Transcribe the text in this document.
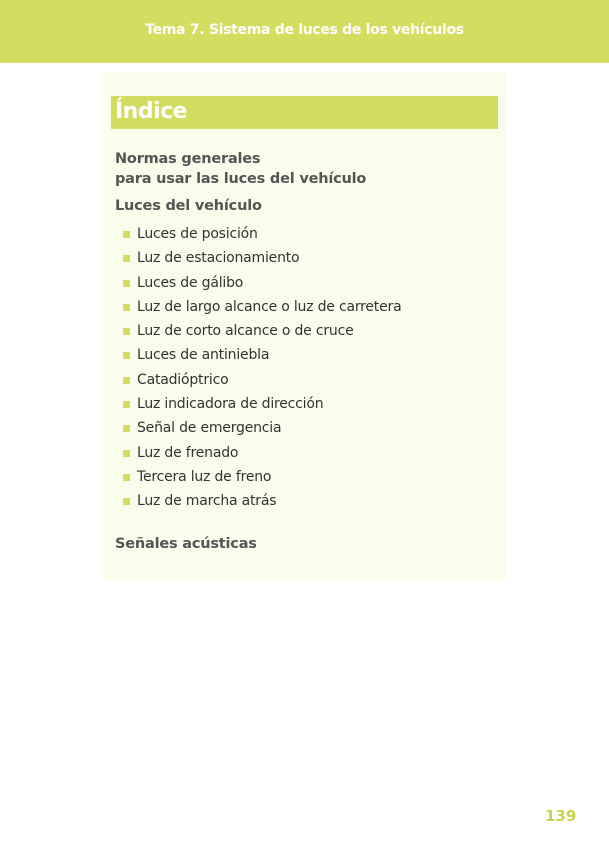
Tema 7. Sistema de luces de los vehículos
Índice
Normas generales
para usar las luces del vehículo
Luces del vehículo
Luces de posición
Luz de estacionamiento
Luces de gálibo
Luz de largo alcance o luz de carretera
Luz de corto alcance o de cruce
Luces de antiniebla
Catadióptrico
Luz indicadora de dirección
Señal de emergencia
Luz de frenado
Tercera luz de freno
Luz de marcha atrás
Señales acústicas
139
